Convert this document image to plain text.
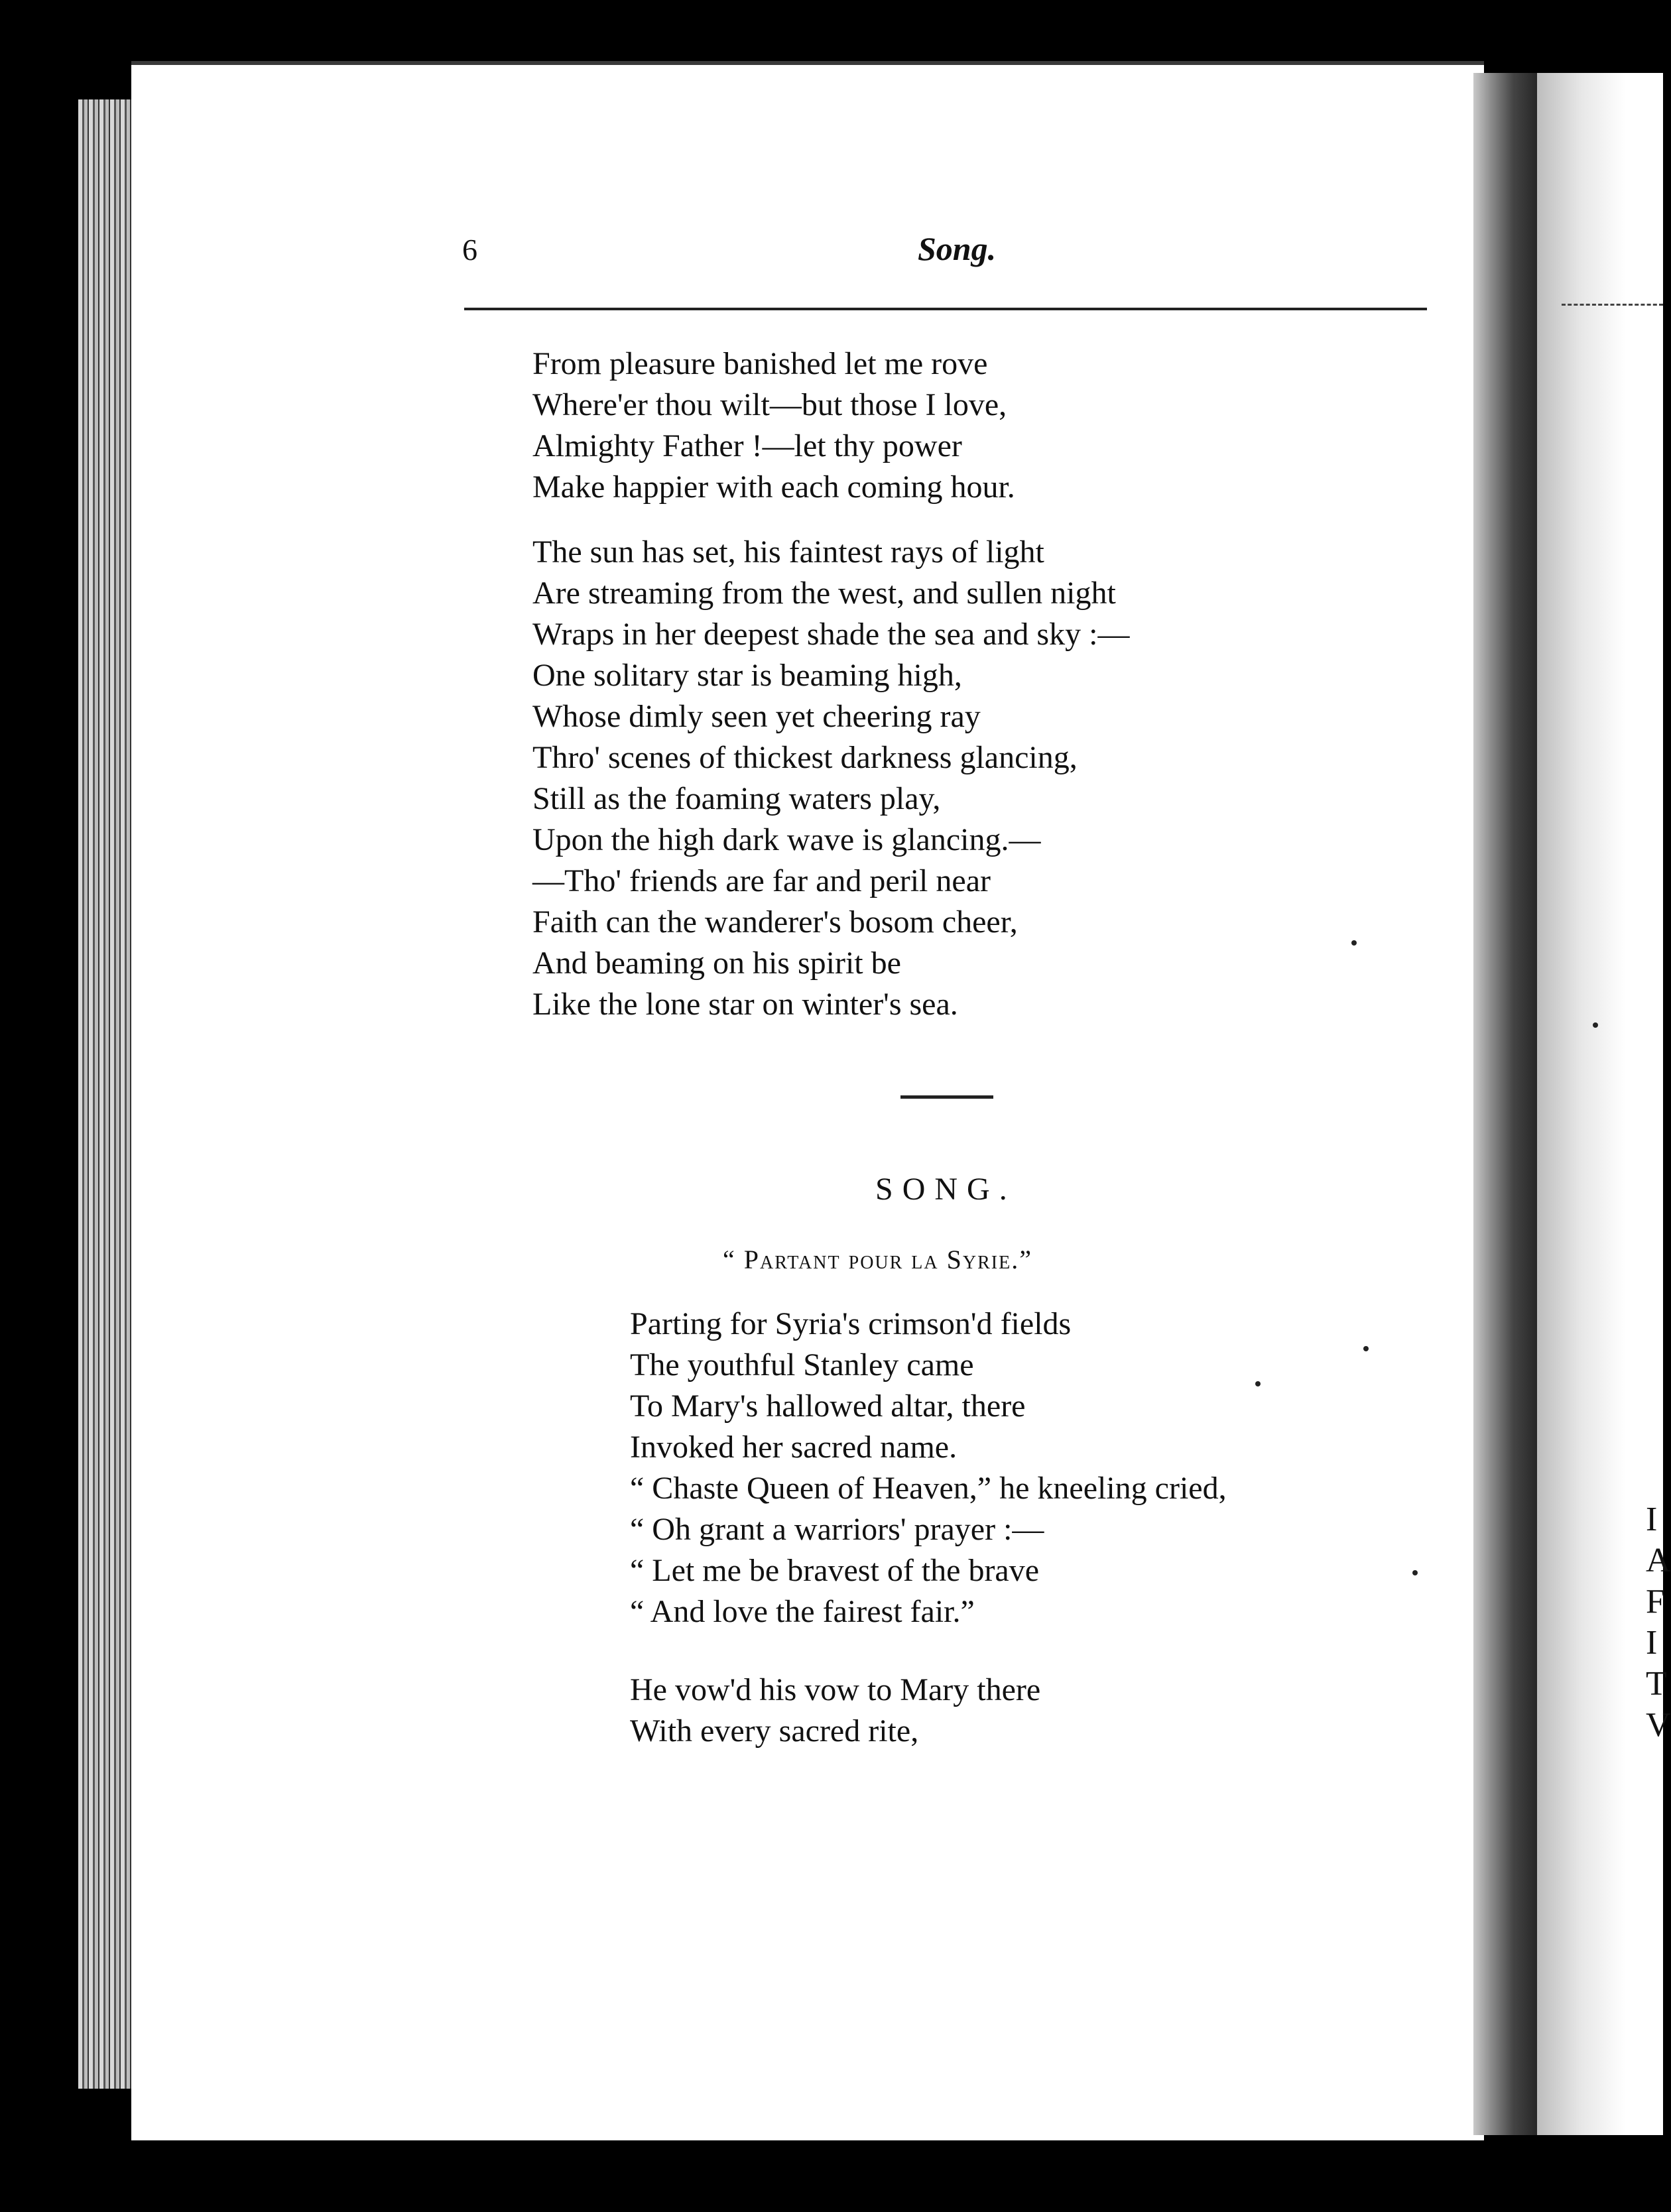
I
A
F
I
T
V
6	Song.
From pleasure banished let me rove
Where'er thou wilt—but those I love,
Almighty Father !—let thy power
Make happier with each coming hour.
The sun has set, his faintest rays of light
Are streaming from the west, and sullen night
Wraps in her deepest shade the sea and sky :—
One solitary star is beaming high,
Whose dimly seen yet cheering ray
Thro' scenes of thickest darkness glancing,
Still as the foaming waters play,
Upon the high dark wave is glancing.—
—Tho' friends are far and peril near
Faith can the wanderer's bosom cheer,
And beaming on his spirit be
Like the lone star on winter's sea.
SONG.
“ Partant pour la Syrie.”
Parting for Syria's crimson'd fields
The youthful Stanley came
To Mary's hallowed altar, there
Invoked her sacred name.
“ Chaste Queen of Heaven,” he kneeling cried,
“ Oh grant a warriors' prayer :—
“ Let me be bravest of the brave
“ And love the fairest fair.”
He vow'd his vow to Mary there
With every sacred rite,
